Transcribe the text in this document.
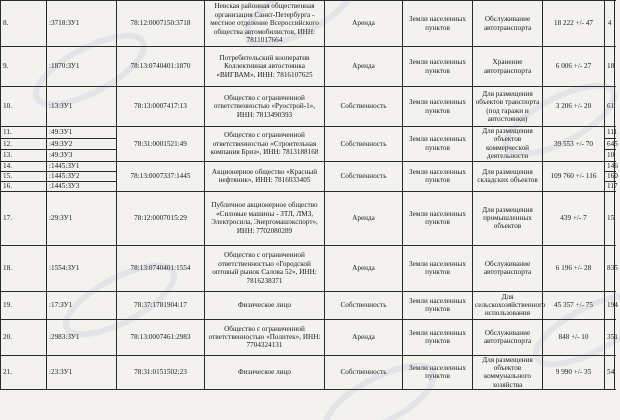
8.	:3718:ЗУ1	78:12:0007150:3718	Невская районная общественная организация Санкт-Петербурга - местное отделение Всероссийского общества автомобилистов, ИНН: 7811017664	Аренда	Земли населенных пунктов	Обслуживание автотранспорта	18 222 +/- 47	4
9.	:1870:ЗУ1	78:13:0740401:1870	Потребительский кооператив Коллективная автостоянка «ВИГВАМ», ИНН: 7816107625	Аренда	Земли населенных пунктов	Хранение автотранспорта	6 006 +/- 27	18
10.	:13:ЗУ1	78:13:0007417:13	Общество с ограниченной ответственностью «Руострой-1», ИНН: 7813490393	Собственность	Земли населенных пунктов	Для размещения объектов транспорта (под гаражи и автостоянки)	3 206 +/- 20	61
11.	:49:ЗУ1	78:31:0001521:49	Общество с ограниченной ответственностью «Строительная компания Бриз», ИНН: 7813188168	Собственность	Земли населенных пунктов	Для размещения объектов коммерческой деятельности	39 553 +/- 70	111
12.	:49:ЗУ2							645
13.	:49:ЗУ3							10
14.	:1445:ЗУ1	78:13:0007337:1445	Акционерное общество «Красный нефтяник», ИНН: 7816033405	Собственность	Земли населенных пунктов	Для размещения складских объектов	109 760 +/- 116	146
15.	:1445:ЗУ2							160
16.	:1445:ЗУ3							117
17.	:29:ЗУ1	78:12:0007015:29	Публичное акционерное общество «Силовые машины - ЗТЛ, ЛМЗ, Электросила, Энергомашэкспорт», ИНН: 7702080289	Аренда	Земли населенных пунктов	Для размещения промышленных объектов	439 +/- 7	15
18.	:1554:ЗУ1	78:13:0740401:1554	Общество с ограниченной ответственностью «Городской оптовый рынок Салова 52», ИНН: 7816238371	Аренда	Земли населенных пунктов	Обслуживание автотранспорта	6 196 +/- 28	835
19.	:17:ЗУ1	78:37:1781904:17	Физическое лицо	Собственность	Земли населенных пунктов	Для сельскохозяйственного использования	45 357 +/- 75	194
20.	:2983:ЗУ1	78:13:0007461:2983	Общество с ограниченной ответственностью «Политек», ИНН: 7704324131	Аренда	Земли населенных пунктов	Обслуживание автотранспорта	848 +/- 10	351
21.	:23:ЗУ1	78:31:0151502:23	Физическое лицо	Собственность	Земли населенных пунктов	Для размещения объектов коммунального хозяйства	9 990 +/- 35	54
